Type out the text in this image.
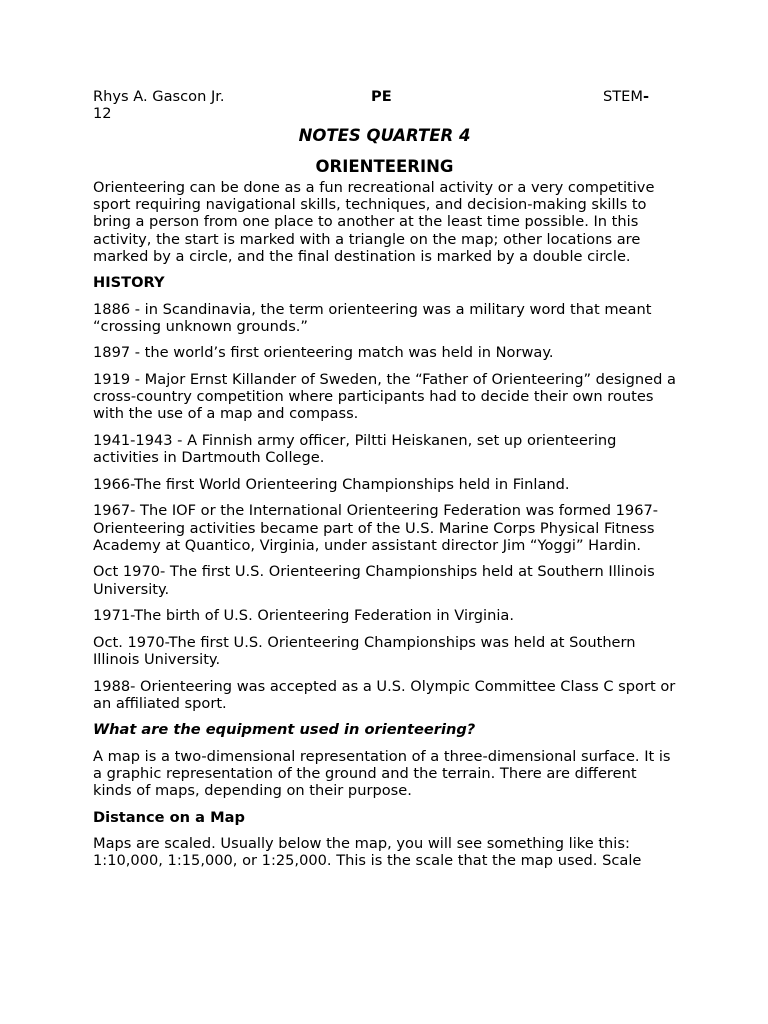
Rhys A. Gascon Jr.	PE	STEM-
12
NOTES QUARTER 4
ORIENTEERING

Orienteering can be done as a fun recreational activity or a very competitive sport requiring navigational skills, techniques, and decision-making skills to bring a person from one place to another at the least time possible. In this activity, the start is marked with a triangle on the map; other locations are marked by a circle, and the final destination is marked by a double circle.

HISTORY

1886 - in Scandinavia, the term orienteering was a military word that meant “crossing unknown grounds.”

1897 - the world’s first orienteering match was held in Norway.

1919 - Major Ernst Killander of Sweden, the “Father of Orienteering” designed a cross-country competition where participants had to decide their own routes with the use of a map and compass.

1941-1943 - A Finnish army officer, Piltti Heiskanen, set up orienteering activities in Dartmouth College.

1966-The first World Orienteering Championships held in Finland.

1967- The IOF or the International Orienteering Federation was formed 1967-Orienteering activities became part of the U.S. Marine Corps Physical Fitness Academy at Quantico, Virginia, under assistant director Jim “Yoggi” Hardin.

Oct 1970- The first U.S. Orienteering Championships held at Southern Illinois University.

1971-The birth of U.S. Orienteering Federation in Virginia.

Oct. 1970-The first U.S. Orienteering Championships was held at Southern Illinois University.

1988- Orienteering was accepted as a U.S. Olympic Committee Class C sport or an affiliated sport.

What are the equipment used in orienteering?

A map is a two-dimensional representation of a three-dimensional surface. It is a graphic representation of the ground and the terrain. There are different kinds of maps, depending on their purpose.

Distance on a Map

Maps are scaled. Usually below the map, you will see something like this: 1:10,000, 1:15,000, or 1:25,000. This is the scale that the map used. Scale
